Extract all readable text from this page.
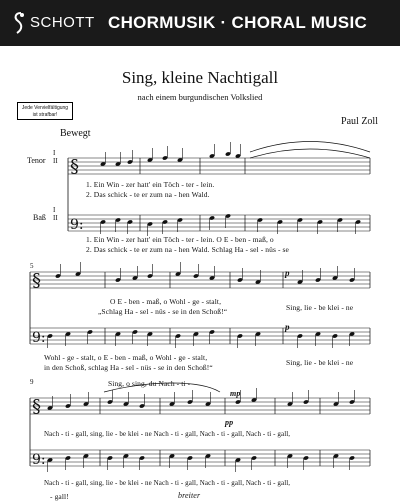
SCHOTT CHORMUSIK · CHORAL MUSIC
Sing, kleine Nachtigall
nach einem burgundischen Volkslied
Jede Vervielfältigung
ist strafbar!
Paul Zoll
Bewegt
Tenor
I
II
Baß
I
II
§
9:
§
9:
§
9:
1. Ein Win - zer hatt' ein Töch - ter - lein.
2. Das schick - te er zum na - hen Wald.
1. Ein Win - zer hatt' ein Töch - ter - lein. O E - ben - maß, o
2. Das schick - te er zum na - hen Wald. Schlag Ha - sel - nüs - se
5
O E - ben - maß, o Wohl - ge - stalt,
„Schlag Ha - sel - nüs - se in den Schoß!“	Sing, lie - be klei - ne
Wohl - ge - stalt, o E - ben - maß, o Wohl - ge - stalt,
in den Schoß, schlag Ha - sel - nüs - se in den Schoß!“
Sing, lie - be klei - ne
9	Sing, o sing, du Nach - ti -
Nach - ti - gall, sing, lie - be klei - ne Nach - ti - gall, Nach - ti - gall, Nach - ti - gall,
Nach - ti - gall, sing, lie - be klei - ne Nach - ti - gall, Nach - ti - gall, Nach - ti - gall,
- gall!	breiter
p
mp
pp
p
